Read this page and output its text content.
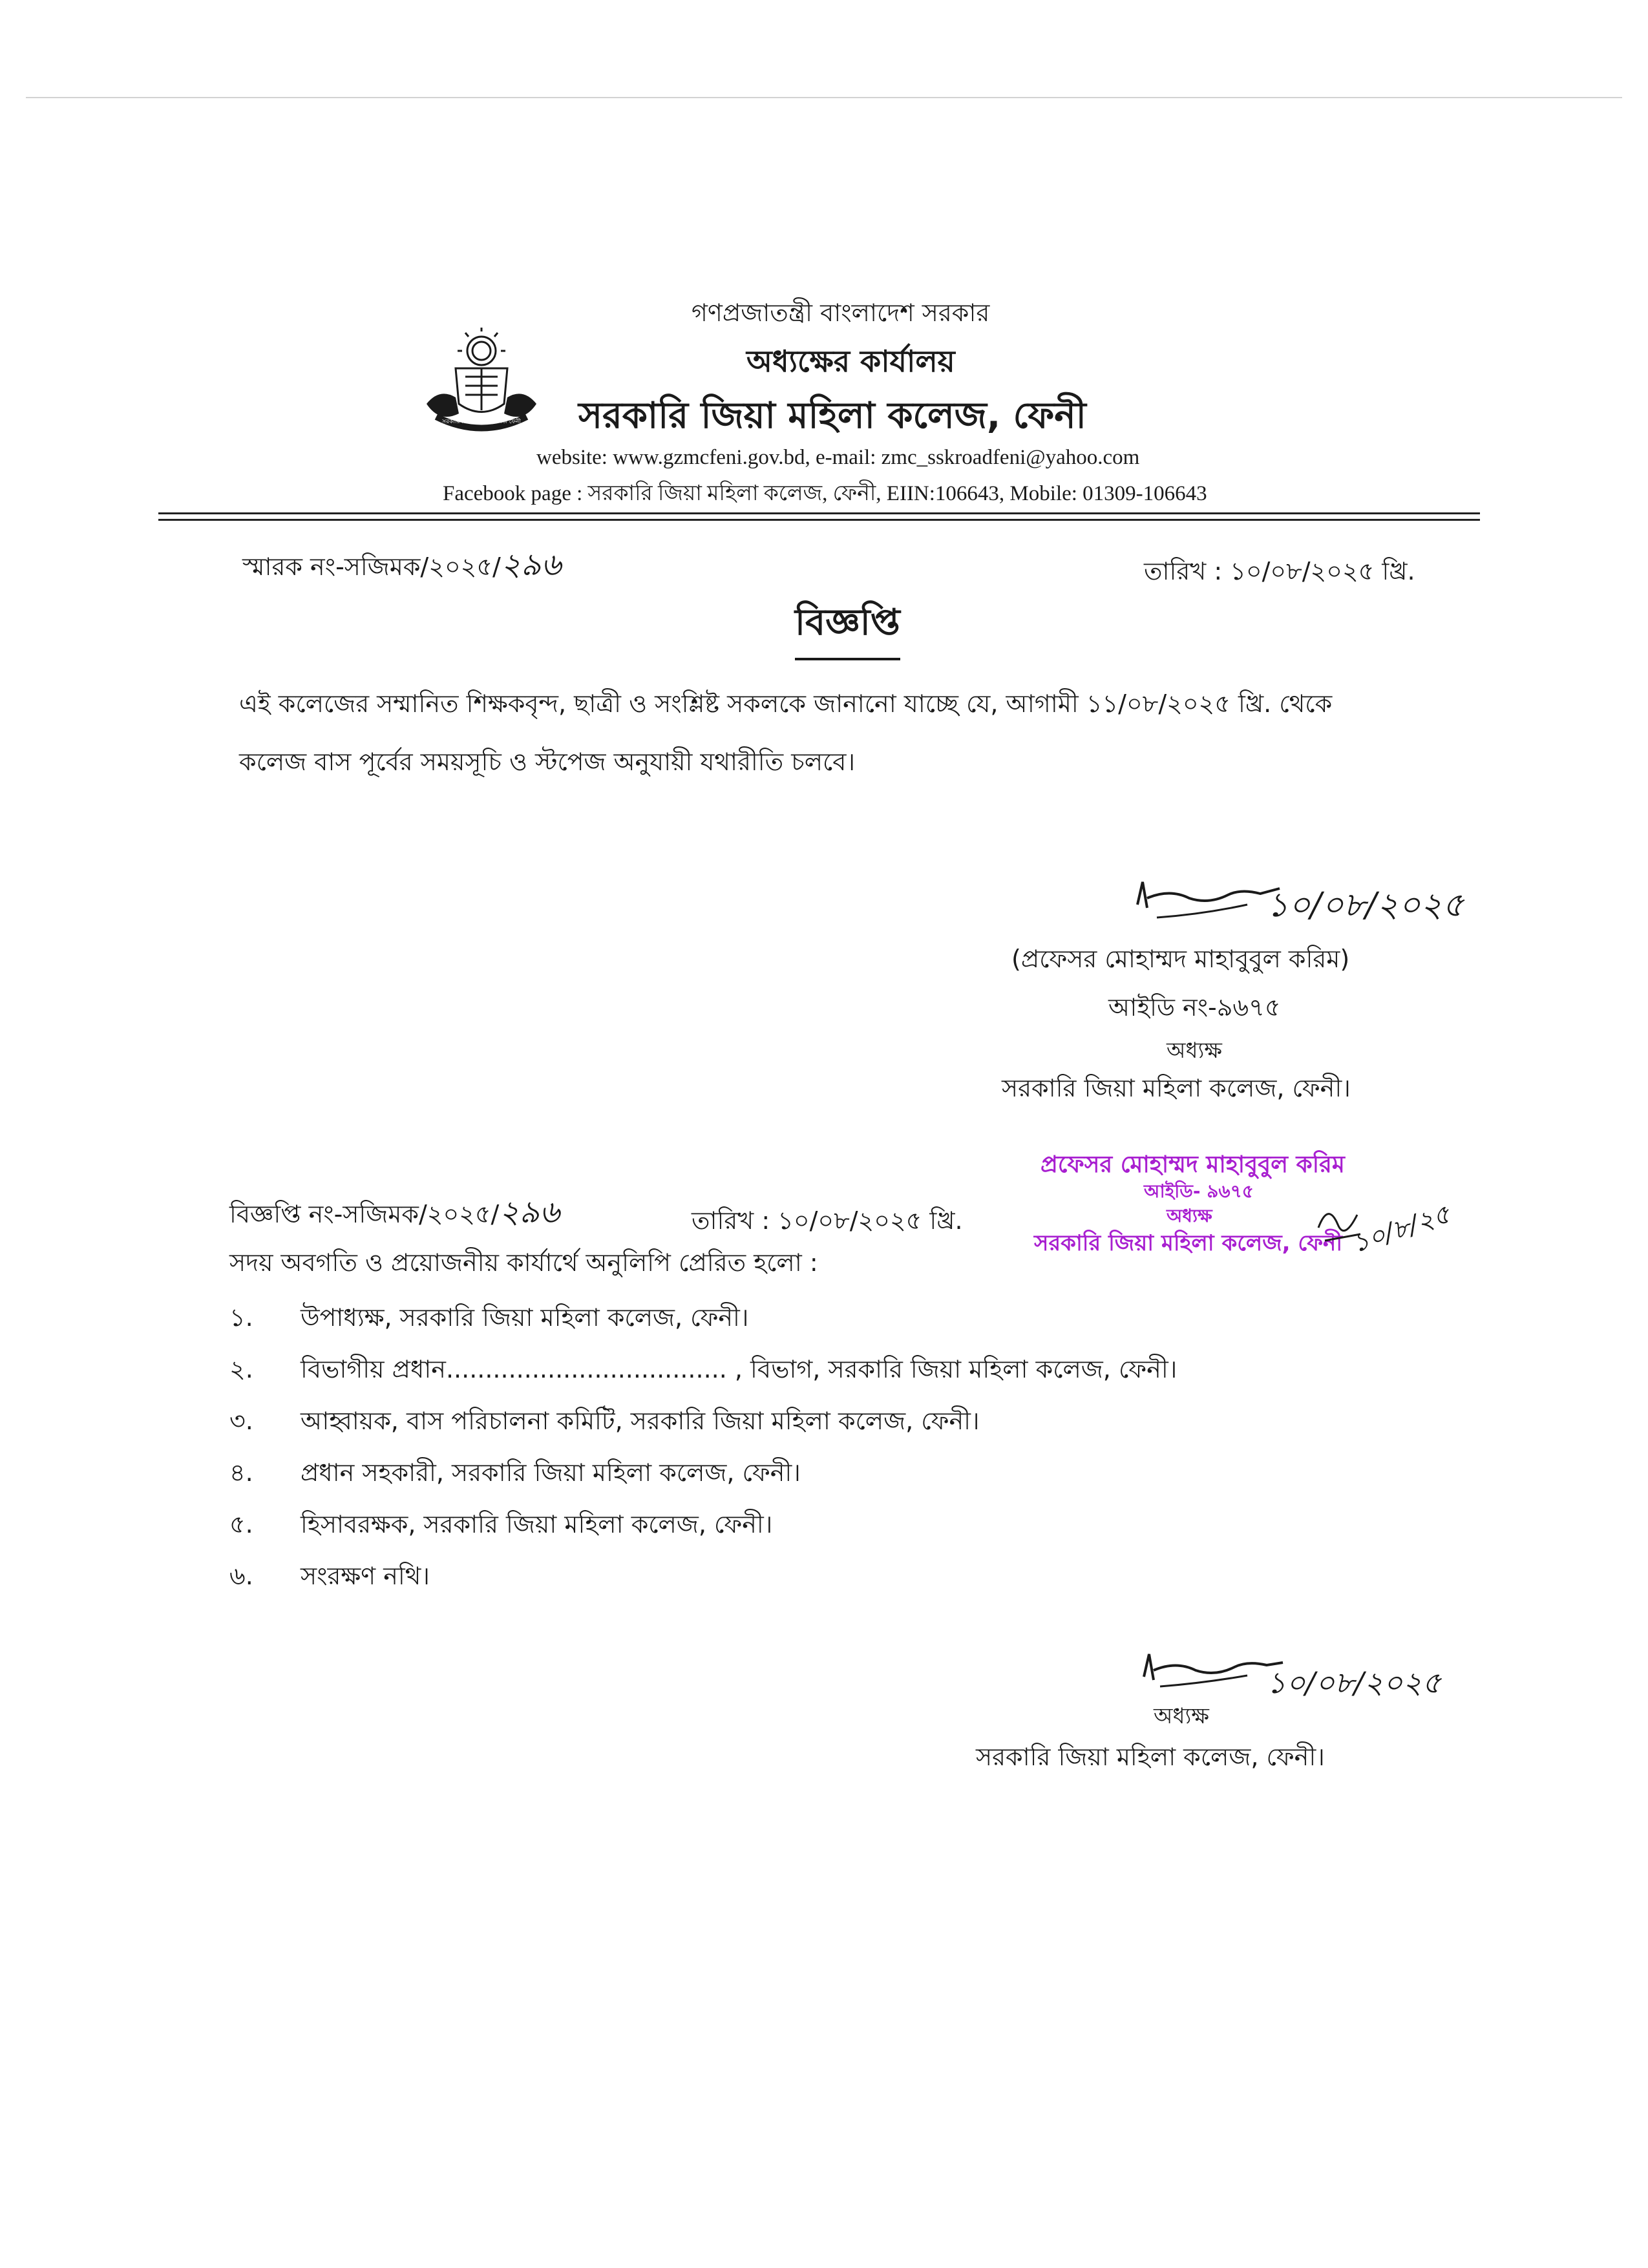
সরকারি জিয়া মহিলা কলেজ ফেনী
গণপ্রজাতন্ত্রী বাংলাদেশ সরকার
অধ্যক্ষের কার্যালয়
সরকারি জিয়া মহিলা কলেজ, ফেনী
website: www.gzmcfeni.gov.bd, e-mail: zmc_sskroadfeni@yahoo.com
Facebook page : সরকারি জিয়া মহিলা কলেজ, ফেনী, EIIN:106643, Mobile: 01309-106643
স্মারক নং-সজিমক/২০২৫/২৯৬	তারিখ : ১০/০৮/২০২৫ খ্রি.
বিজ্ঞপ্তি
এই কলেজের সম্মানিত শিক্ষকবৃন্দ, ছাত্রী ও সংশ্লিষ্ট সকলকে জানানো যাচ্ছে যে, আগামী ১১/০৮/২০২৫ খ্রি. থেকে
কলেজ বাস পূর্বের সময়সূচি ও স্টপেজ অনুযায়ী যথারীতি চলবে।
১০/০৮/২০২৫
(প্রফেসর মোহাম্মদ মাহাবুবুল করিম)
আইডি নং-৯৬৭৫
অধ্যক্ষ
সরকারি জিয়া মহিলা কলেজ, ফেনী।
প্রফেসর মোহাম্মদ মাহাবুবুল করিম
আইডি- ৯৬৭৫
অধ্যক্ষ
সরকারি জিয়া মহিলা কলেজ, ফেনী ১০/৮/২৫
বিজ্ঞপ্তি নং-সজিমক/২০২৫/২৯৬	তারিখ : ১০/০৮/২০২৫ খ্রি.
সদয় অবগতি ও প্রয়োজনীয় কার্যার্থে অনুলিপি প্রেরিত হলো :
১. উপাধ্যক্ষ, সরকারি জিয়া মহিলা কলেজ, ফেনী।
২. বিভাগীয় প্রধান.................................... , বিভাগ, সরকারি জিয়া মহিলা কলেজ, ফেনী।
৩. আহ্বায়ক, বাস পরিচালনা কমিটি, সরকারি জিয়া মহিলা কলেজ, ফেনী।
৪. প্রধান সহকারী, সরকারি জিয়া মহিলা কলেজ, ফেনী।
৫. হিসাবরক্ষক, সরকারি জিয়া মহিলা কলেজ, ফেনী।
৬. সংরক্ষণ নথি।
১০/০৮/২০২৫
অধ্যক্ষ
সরকারি জিয়া মহিলা কলেজ, ফেনী।
